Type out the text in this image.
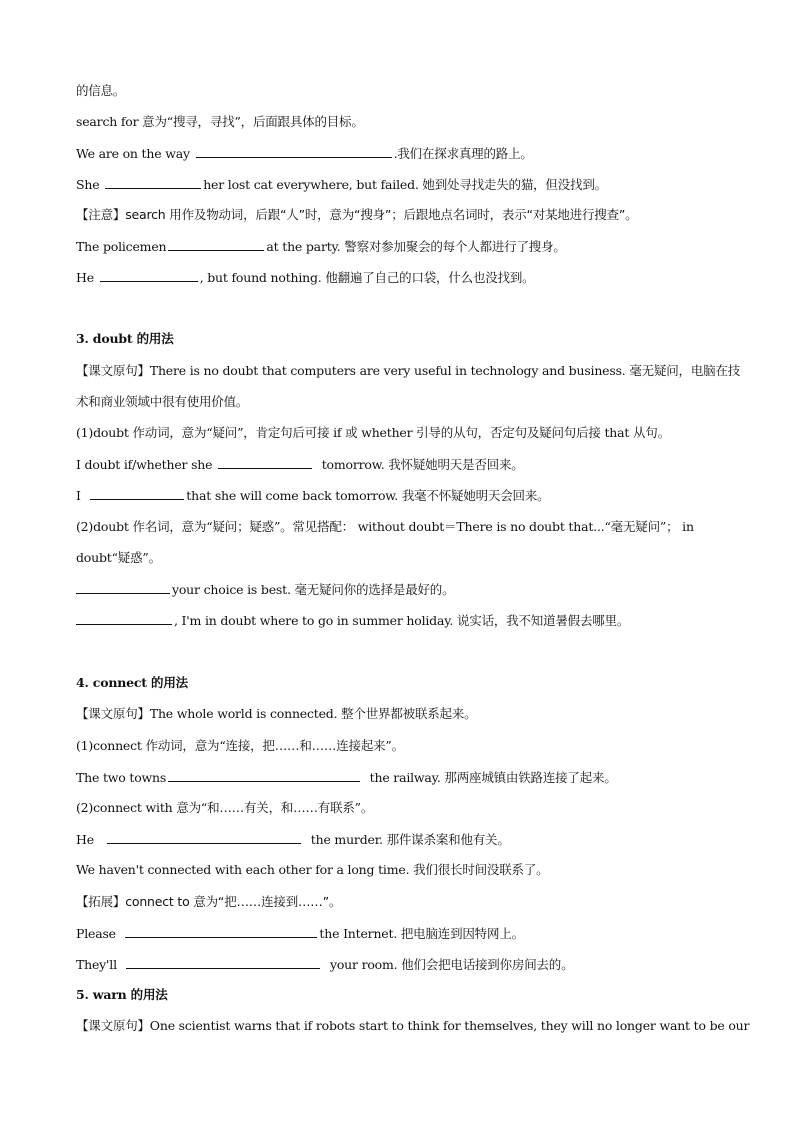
的信息。
search for 意为“搜寻，寻找”，后面跟具体的目标。
We are on the way	.我们在探求真理的路上。
She	her lost cat everywhere, but failed. 她到处寻找走失的猫，但没找到。
【注意】search 用作及物动词，后跟“人”时，意为“搜身”；后跟地点名词时，表示“对某地进行搜查”。
The policemen	at the party. 警察对参加聚会的每个人都进行了搜身。
He	, but found nothing. 他翻遍了自己的口袋，什么也没找到。
3. doubt 的用法
【课文原句】There is no doubt that computers are very useful in technology and business. 毫无疑问，电脑在技
术和商业领域中很有使用价值。
(1)doubt 作动词，意为“疑问”，肯定句后可接 if 或 whether 引导的从句，否定句及疑问句后接 that 从句。
I doubt if/whether she	tomorrow. 我怀疑她明天是否回来。
I	that she will come back tomorrow. 我毫不怀疑她明天会回来。
(2)doubt 作名词，意为“疑问；疑惑”。常见搭配： without doubt＝There is no doubt that...“毫无疑问”； in
doubt“疑惑”。
your choice is best. 毫无疑问你的选择是最好的。
, I'm in doubt where to go in summer holiday. 说实话，我不知道暑假去哪里。
4. connect 的用法
【课文原句】The whole world is connected. 整个世界都被联系起来。
(1)connect 作动词，意为“连接，把……和……连接起来”。
The two towns	the railway. 那两座城镇由铁路连接了起来。
(2)connect with 意为“和……有关，和……有联系”。
He	the murder. 那件谋杀案和他有关。
We haven't connected with each other for a long time. 我们很长时间没联系了。
【拓展】connect to 意为“把……连接到……”。
Please	the Internet. 把电脑连到因特网上。
They'll	your room. 他们会把电话接到你房间去的。
5. warn 的用法
【课文原句】One scientist warns that if robots start to think for themselves, they will no longer want to be our
